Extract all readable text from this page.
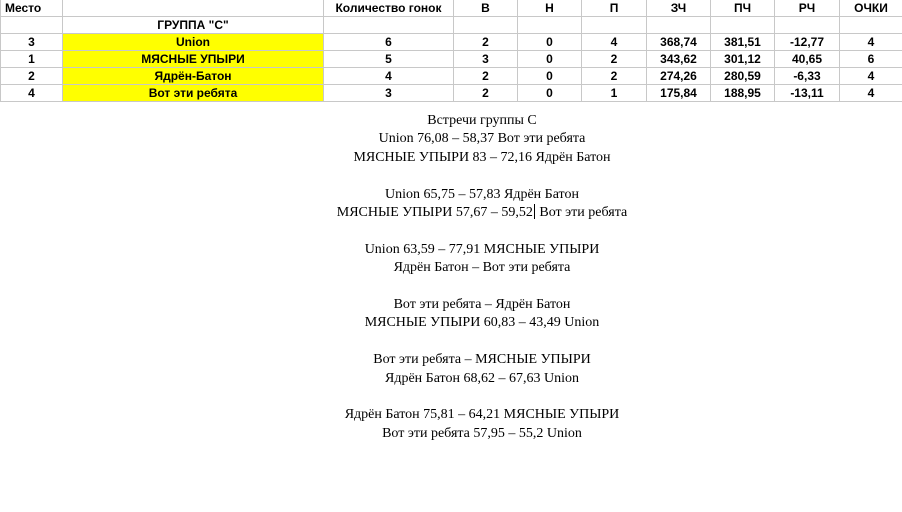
Место		Количество гонок	В	Н	П	ЗЧ	ПЧ	РЧ	ОЧКИ
	ГРУППА "С"								
3	Union	6	2	0	4	368,74	381,51	-12,77	4
1	МЯСНЫЕ УПЫРИ	5	3	0	2	343,62	301,12	40,65	6
2	Ядрён-Батон	4	2	0	2	274,26	280,59	-6,33	4
4	Вот эти ребята	3	2	0	1	175,84	188,95	-13,11	4
Встречи группы С
Union 76,08 – 58,37 Вот эти ребята
МЯСНЫЕ УПЫРИ 83 – 72,16 Ядрён Батон
Union 65,75 – 57,83 Ядрён Батон
МЯСНЫЕ УПЫРИ 57,67 – 59,52 Вот эти ребята
Union 63,59 – 77,91 МЯСНЫЕ УПЫРИ
Ядрён Батон – Вот эти ребята
Вот эти ребята – Ядрён Батон
МЯСНЫЕ УПЫРИ 60,83 – 43,49 Union
Вот эти ребята – МЯСНЫЕ УПЫРИ
Ядрён Батон 68,62 – 67,63 Union
Ядрён Батон 75,81 – 64,21 МЯСНЫЕ УПЫРИ
Вот эти ребята 57,95 – 55,2 Union
